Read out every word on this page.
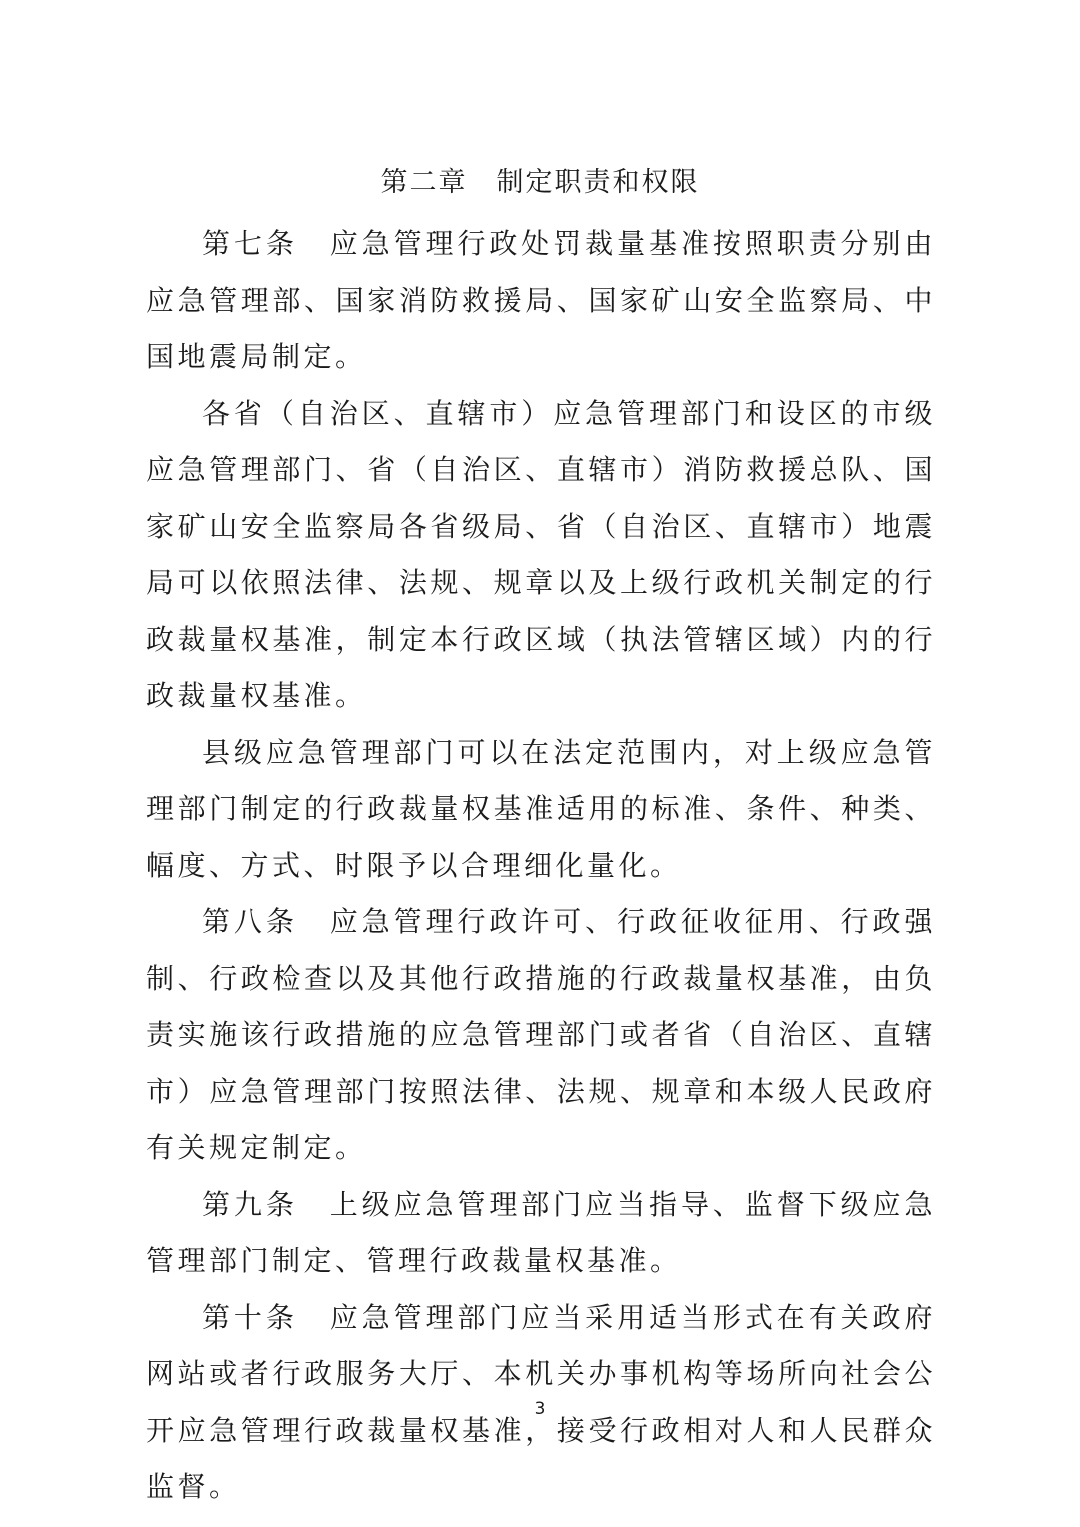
第二章　制定职责和权限

第七条　应急管理行政处罚裁量基准按照职责分别由应急管理部、国家消防救援局、国家矿山安全监察局、中国地震局制定。

各省（自治区、直辖市）应急管理部门和设区的市级应急管理部门、省（自治区、直辖市）消防救援总队、国家矿山安全监察局各省级局、省（自治区、直辖市）地震局可以依照法律、法规、规章以及上级行政机关制定的行政裁量权基准，制定本行政区域（执法管辖区域）内的行政裁量权基准。

县级应急管理部门可以在法定范围内，对上级应急管理部门制定的行政裁量权基准适用的标准、条件、种类、幅度、方式、时限予以合理细化量化。

第八条　应急管理行政许可、行政征收征用、行政强制、行政检查以及其他行政措施的行政裁量权基准，由负责实施该行政措施的应急管理部门或者省（自治区、直辖市）应急管理部门按照法律、法规、规章和本级人民政府有关规定制定。

第九条　上级应急管理部门应当指导、监督下级应急管理部门制定、管理行政裁量权基准。

第十条　应急管理部门应当采用适当形式在有关政府网站或者行政服务大厅、本机关办事机构等场所向社会公开应急管理行政裁量权基准，接受行政相对人和人民群众监督。

3
